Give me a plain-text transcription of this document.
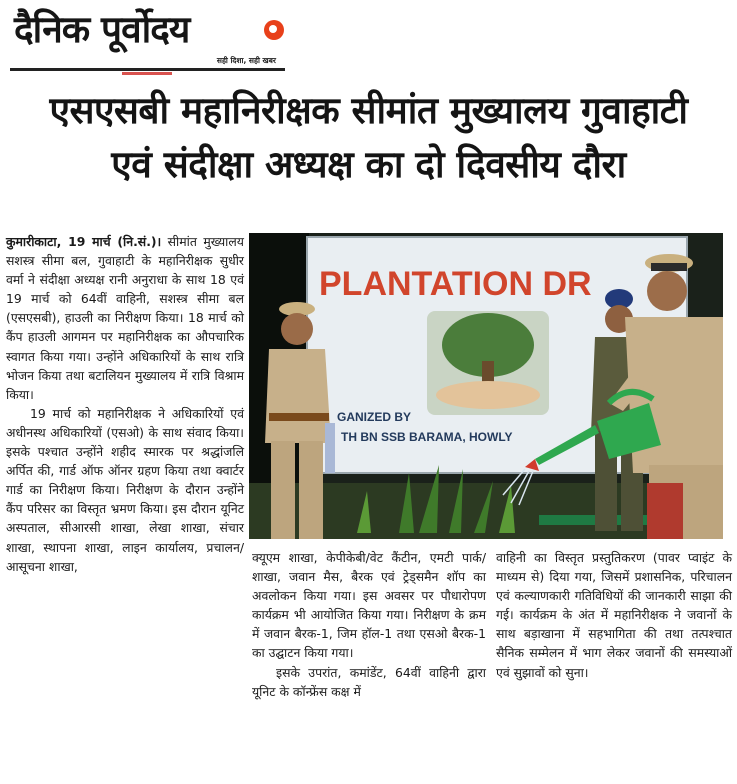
दैनिक पूर्वोदय
सही दिशा, सही खबर
एसएसबी महानिरीक्षक सीमांत मुख्यालय गुवाहाटी
एवं संदीक्षा अध्यक्ष का दो दिवसीय दौरा

कुमारीकाटा, 19 मार्च (नि.सं.)। सीमांत मुख्यालय सशस्त्र सीमा बल, गुवाहाटी के महानिरीक्षक सुधीर वर्मा ने संदीक्षा अध्यक्ष रानी अनुराधा के साथ 18 एवं 19 मार्च को 64वीं वाहिनी, सशस्त्र सीमा बल (एसएसबी), हाउली का निरीक्षण किया। 18 मार्च को कैंप हाउली आगमन पर महानिरीक्षक का औपचारिक स्वागत किया गया। उन्होंने अधिकारियों के साथ रात्रि भोजन किया तथा बटालियन मुख्यालय में रात्रि विश्राम किया।

19 मार्च को महानिरीक्षक ने अधिकारियों एवं अधीनस्थ अधिकारियों (एसओ) के साथ संवाद किया। इसके पश्चात उन्होंने शहीद स्मारक पर श्रद्धांजलि अर्पित की, गार्ड ऑफ ऑनर ग्रहण किया तथा क्वार्टर गार्ड का निरीक्षण किया। निरीक्षण के दौरान उन्होंने कैंप परिसर का विस्तृत भ्रमण किया। इस दौरान यूनिट अस्पताल, सीआरसी शाखा, लेखा शाखा, संचार शाखा, स्थापना शाखा, लाइन कार्यालय, प्रचालन/आसूचना शाखा,

PLANTATION DR
GANIZED BY
TH BN SSB BARAMA, HOWLY

क्यूएम शाखा, केपीकेबी/वेट कैंटीन, एमटी पार्क/शाखा, जवान मैस, बैरक एवं ट्रेड्समैन शॉप का अवलोकन किया गया। इस अवसर पर पौधारोपण कार्यक्रम भी आयोजित किया गया। निरीक्षण के क्रम में जवान बैरक-1, जिम हॉल-1 तथा एसओ बैरक-1 का उद्घाटन किया गया।

इसके उपरांत, कमांडेंट, 64वीं वाहिनी द्वारा यूनिट के कॉन्फ्रेंस कक्ष में

वाहिनी का विस्तृत प्रस्तुतिकरण (पावर प्वाइंट के माध्यम से) दिया गया, जिसमें प्रशासनिक, परिचालन एवं कल्याणकारी गतिविधियों की जानकारी साझा की गई। कार्यक्रम के अंत में महानिरीक्षक ने जवानों के साथ बड़ाखाना में सहभागिता की तथा तत्पश्चात सैनिक सम्मेलन में भाग लेकर जवानों की समस्याओं एवं सुझावों को सुना।
